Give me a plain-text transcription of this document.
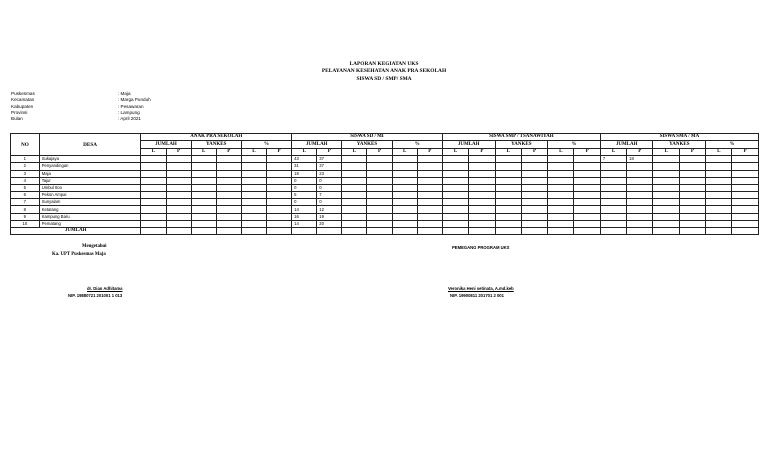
LAPORAN KEGIATAN UKS
PELAYANAN KESEHATAN ANAK PRA SEKOLAH
SISWA SD / SMP/ SMA
Puskesmas	: Maja
Kecamatan	: Marga Punduh
Kabupaten	: Pesawaran
Provinsi	: Lampung
Bulan	: April 2021
NO	DESA	ANAK PRA SEKOLAH						SISWA SD / MI						SISWA SMP / TSANAWIYAH						SISWA SMA / MA					
		JUMLAH		YANKES		%		JUMLAH		YANKES		%		JUMLAH		YANKES		%		JUMLAH		YANKES		%	
		L	P	L	P	L	P	L	P	L	P	L	P	L	P	L	P	L	P	L	P	L	P	L	P
1	Sukajaya							43	37											7	18				
2	Penyandingan							31	37																
3	Maja							18	23																
4	Tajur							0	0																
5	Umbul Itoo							0	0																
6	Pekon Ampai							5	7																
7	Sunyalam							0	0																
8	Ketatang							14	12																
9	Kampung Baru							16	19																
10	Pematang							14	20																
JUMLAH																									
Mengetahui
Ka. UPT Puskesmas Maja
PEMEGANG PROGRAM UKS
dr. Dian Adhitama
NIP. 19880721 201001 1 013
Veronika Heni setinata, A.md.keb
NIP. 19900811 201701 2 001
